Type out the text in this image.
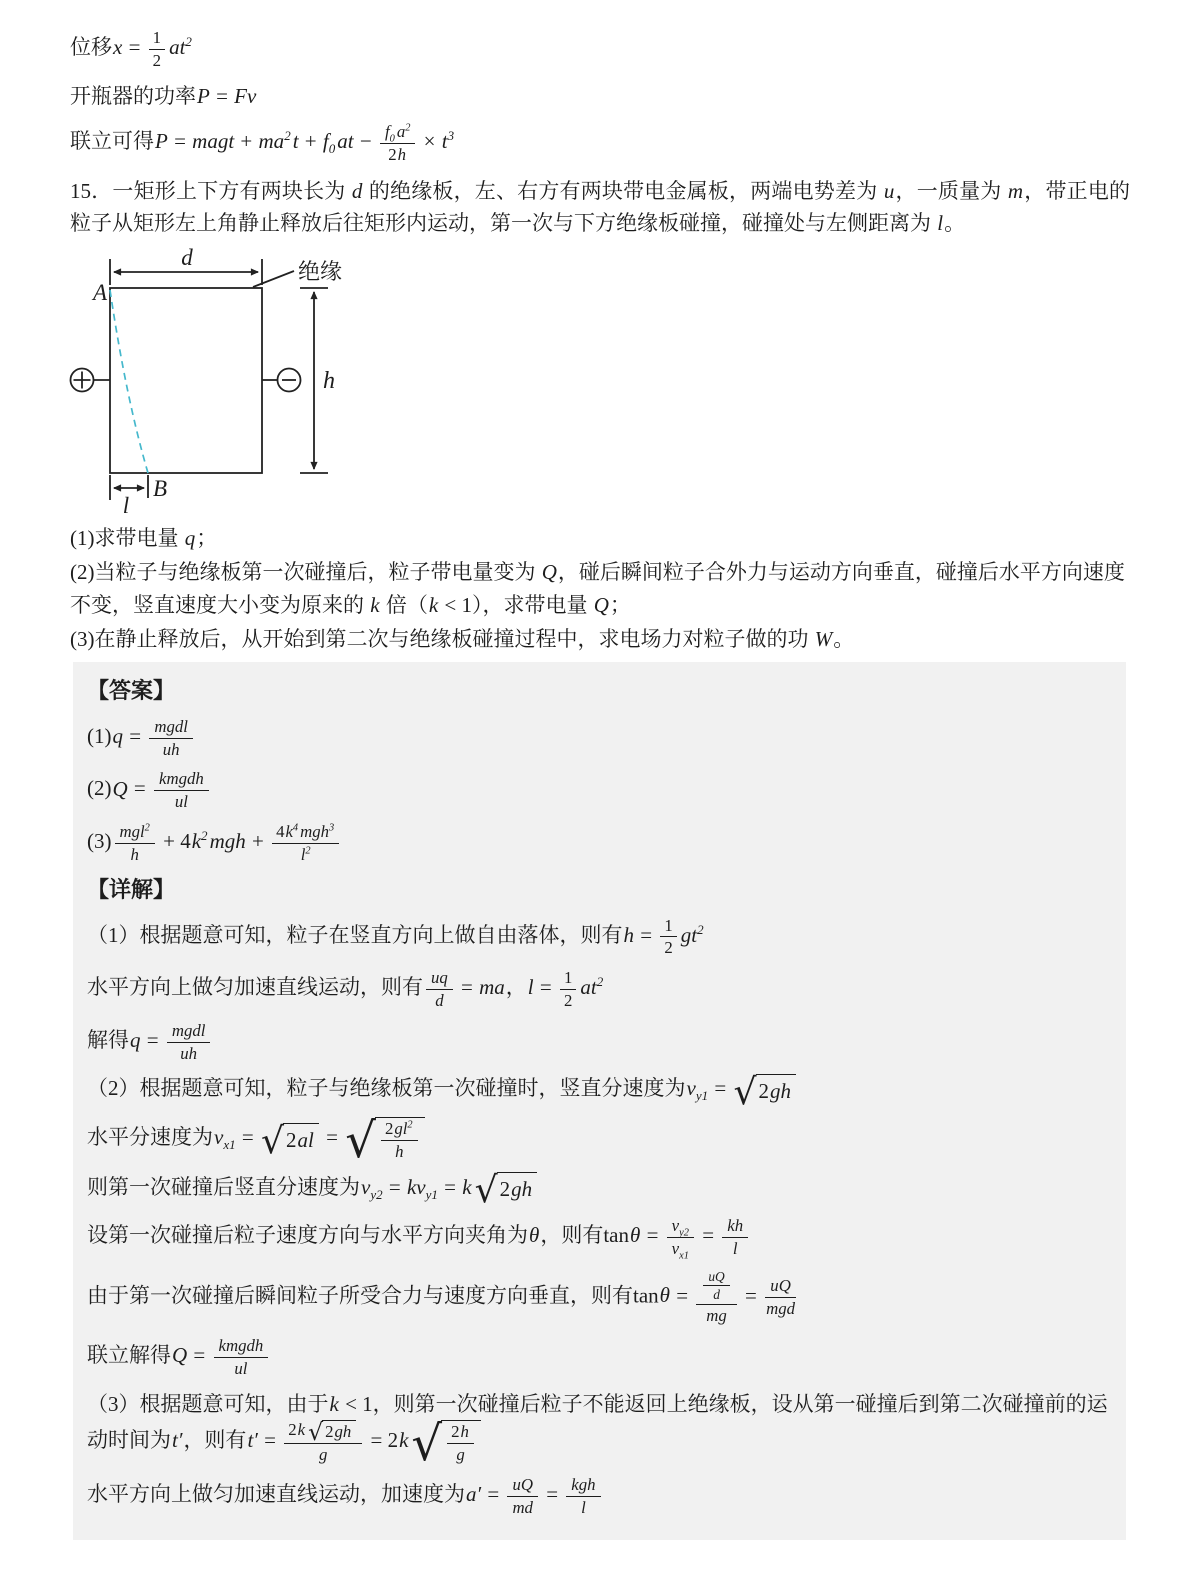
位移$x = \frac{1}{2} at^2$
开瓶器的功率P = Fv
联立可得P = magt + $ma^2t + f_0at - \frac{f_0 a^2}{2h} \times t^3$

15．一矩形上下方有两块长为 d 的绝缘板，左、右方有两块带电金属板，两端电势差为 u，一质量为 m，带正电的粒子从矩形左上角静止释放后往矩形内运动，第一次与下方绝缘板碰撞，碰撞处与左侧距离为 l。

d
绝缘
A
h
B
l
(1)求带电量 q；
(2)当粒子与绝缘板第一次碰撞后，粒子带电量变为 Q，碰后瞬间粒子合外力与运动方向垂直，碰撞后水平方向速度不变，竖直速度大小变为原来的 k 倍（k < 1），求带电量 Q；
(3)在静止释放后，从开始到第二次与绝缘板碰撞过程中，求电场力对粒子做的功 W。
【答案】
$(1)q = \frac{\text{mgdl}}{uh}$
$(2)Q = \frac{\text{kmgdh}}{ul}$
$(3) \frac{mgl^2}{h} + 4k^2mgh + \frac{4k^4 mgh^3}{l^2}$
【详解】
（1）根据题意可知，粒子在竖直方向上做自由落体，则有$h = \frac{1}{2} gt^2$
水平方向上做匀加速直线运动，则有 $\frac{uq}{d}$ = ma，$l = \frac{1}{2} at^2$
解得$q = \frac{\text{mgdl}}{uh}$
（2）根据题意可知，粒子与绝缘板第一次碰撞时，竖直分速度为$v_{y1}$ = √ 2 gh
水平分速度为$v_{x1}$ = √ 2 al = √ $\frac{2gl^2}{h}$
则第一次碰撞后竖直分速度为$v_{y2} = kv_{y1} = k$ √ 2 gh
设第一次碰撞后粒子速度方向与水平方向夹角为θ，则有$\tan\theta = \frac{v_{y2}}{v_{x1}} = \frac{kh}{l}$
由于第一次碰撞后瞬间粒子所受合力与速度方向垂直，则有$\tan\theta = \frac{\frac{uQ}{d}}{mg} = \frac{uQ}{\text{mgd}}$
联立解得$Q = \frac{\text{kmgdh}}{ul}$
（3）根据题意可知，由于k < 1，则第一次碰撞后粒子不能返回上绝缘板，设从第一碰撞后到第二次碰撞前的运动时间为t′，则有$t' = \frac{2k √ 2 gh}{g} = 2k$ √ $\frac{2h}{g}$
水平方向上做匀加速直线运动，加速度为$a' = \frac{uQ}{md} = \frac{\text{kgh}}{l}$
